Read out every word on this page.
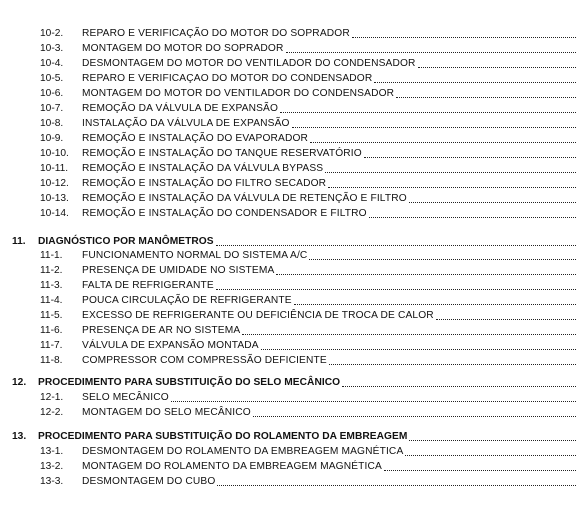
10-2.	REPARO E VERIFICAÇÃO DO MOTOR DO SOPRADOR
10-3.	MONTAGEM DO MOTOR DO SOPRADOR
10-4.	DESMONTAGEM DO MOTOR DO VENTILADOR DO CONDENSADOR
10-5.	REPARO E VERIFICAÇAO DO MOTOR DO CONDENSADOR
10-6.	MONTAGEM DO MOTOR DO VENTILADOR DO CONDENSADOR
10-7.	REMOÇÃO DA VÁLVULA DE EXPANSÃO
10-8.	INSTALAÇÃO DA VÁLVULA DE EXPANSÃO
10-9.	REMOÇÃO E INSTALAÇÃO DO EVAPORADOR
10-10.	REMOÇÃO E INSTALAÇÃO DO TANQUE RESERVATÓRIO
10-11.	REMOÇÃO E INSTALAÇÃO DA VÁLVULA BYPASS
10-12.	REMOÇÃO E INSTALAÇÃO DO FILTRO SECADOR
10-13.	REMOÇÃO E INSTALAÇÃO DA VÁLVULA DE RETENÇÃO E FILTRO
10-14.	REMOÇÃO E INSTALAÇÃO DO CONDENSADOR E FILTRO
11.	DIAGNÓSTICO POR MANÔMETROS
11-1.	FUNCIONAMENTO NORMAL DO SISTEMA A/C
11-2.	PRESENÇA DE UMIDADE NO SISTEMA
11-3.	FALTA DE REFRIGERANTE
11-4.	POUCA CIRCULAÇÃO DE REFRIGERANTE
11-5.	EXCESSO DE REFRIGERANTE OU DEFICIÊNCIA DE TROCA DE CALOR
11-6.	PRESENÇA DE AR NO SISTEMA
11-7.	VÁLVULA DE EXPANSÃO MONTADA
11-8.	COMPRESSOR COM COMPRESSÃO DEFICIENTE
12.	PROCEDIMENTO PARA SUBSTITUIÇÃO DO SELO MECÂNICO
12-1.	SELO MECÂNICO
12-2.	MONTAGEM DO SELO MECÂNICO
13.	PROCEDIMENTO PARA SUBSTITUIÇÃO DO ROLAMENTO DA EMBREAGEM
13-1.	DESMONTAGEM DO ROLAMENTO DA EMBREAGEM MAGNÉTICA
13-2.	MONTAGEM DO ROLAMENTO DA EMBREAGEM MAGNÉTICA
13-3.	DESMONTAGEM DO CUBO
